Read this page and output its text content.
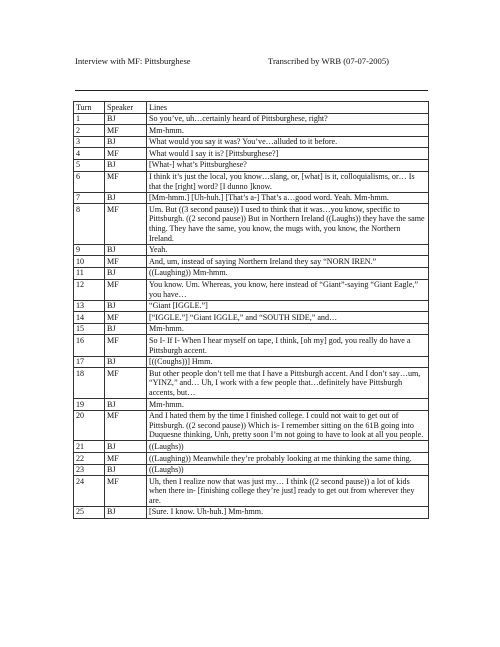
Interview with MF: Pittsburghese	Transcribed by WRB (07-07-2005)
Turn	Speaker	Lines
1	BJ	So you’ve, uh…certainly heard of Pittsburghese, right?
2	MF	Mm-hmm.
3	BJ	What would you say it was? You’ve…alluded to it before.
4	MF	What would I say it is? [Pittsburghese?]
5	BJ	[What-] what’s Pittsburghese?
6	MF	I think it’s just the local, you know…slang, or, [what] is it, colloquialisms, or… Is that the [right] word? [I dunno ]know.
7	BJ	[Mm-hmm.] [Uh-huh.] [That’s a-] That’s a…good word. Yeah. Mm-hmm.
8	MF	Um. But ((3 second pause)) I used to think that it was…you know, specific to Pittsburgh. ((2 second pause)) But in Northern Ireland ((Laughs)) they have the same thing. They have the same, you know, the mugs with, you know, the Northern Ireland.
9	BJ	Yeah.
10	MF	And, um, instead of saying Northern Ireland they say “NORN IREN.”
11	BJ	((Laughing)) Mm-hmm.
12	MF	You know. Um. Whereas, you know, here instead of “Giant”-saying “Giant Eagle,” you have…
13	BJ	“Giant [IGGLE.”]
14	MF	[“IGGLE.”] “Giant IGGLE,” and “SOUTH SIDE,” and…
15	BJ	Mm-hmm.
16	MF	So I- If I- When I hear myself on tape, I think, [oh my] god, you really do have a Pittsburgh accent.
17	BJ	[((Coughs))] Hmm.
18	MF	But other people don’t tell me that I have a Pittsburgh accent. And I don’t say…um, “YINZ,” and… Uh, I work with a few people that…definitely have Pittsburgh accents, but…
19	BJ	Mm-hmm.
20	MF	And I hated them by the time I finished college. I could not wait to get out of Pittsburgh. ((2 second pause)) Which is- I remember sitting on the 61B going into Duquesne thinking, Unh, pretty soon I’m not going to have to look at all you people.
21	BJ	((Laughs))
22	MF	((Laughing)) Meanwhile they’re probably looking at me thinking the same thing.
23	BJ	((Laughs))
24	MF	Uh, then I realize now that was just my… I think ((2 second pause)) a lot of kids when there in- [finishing college they’re just] ready to get out from wherever they are.
25	BJ	[Sure. I know. Uh-huh.] Mm-hmm.
